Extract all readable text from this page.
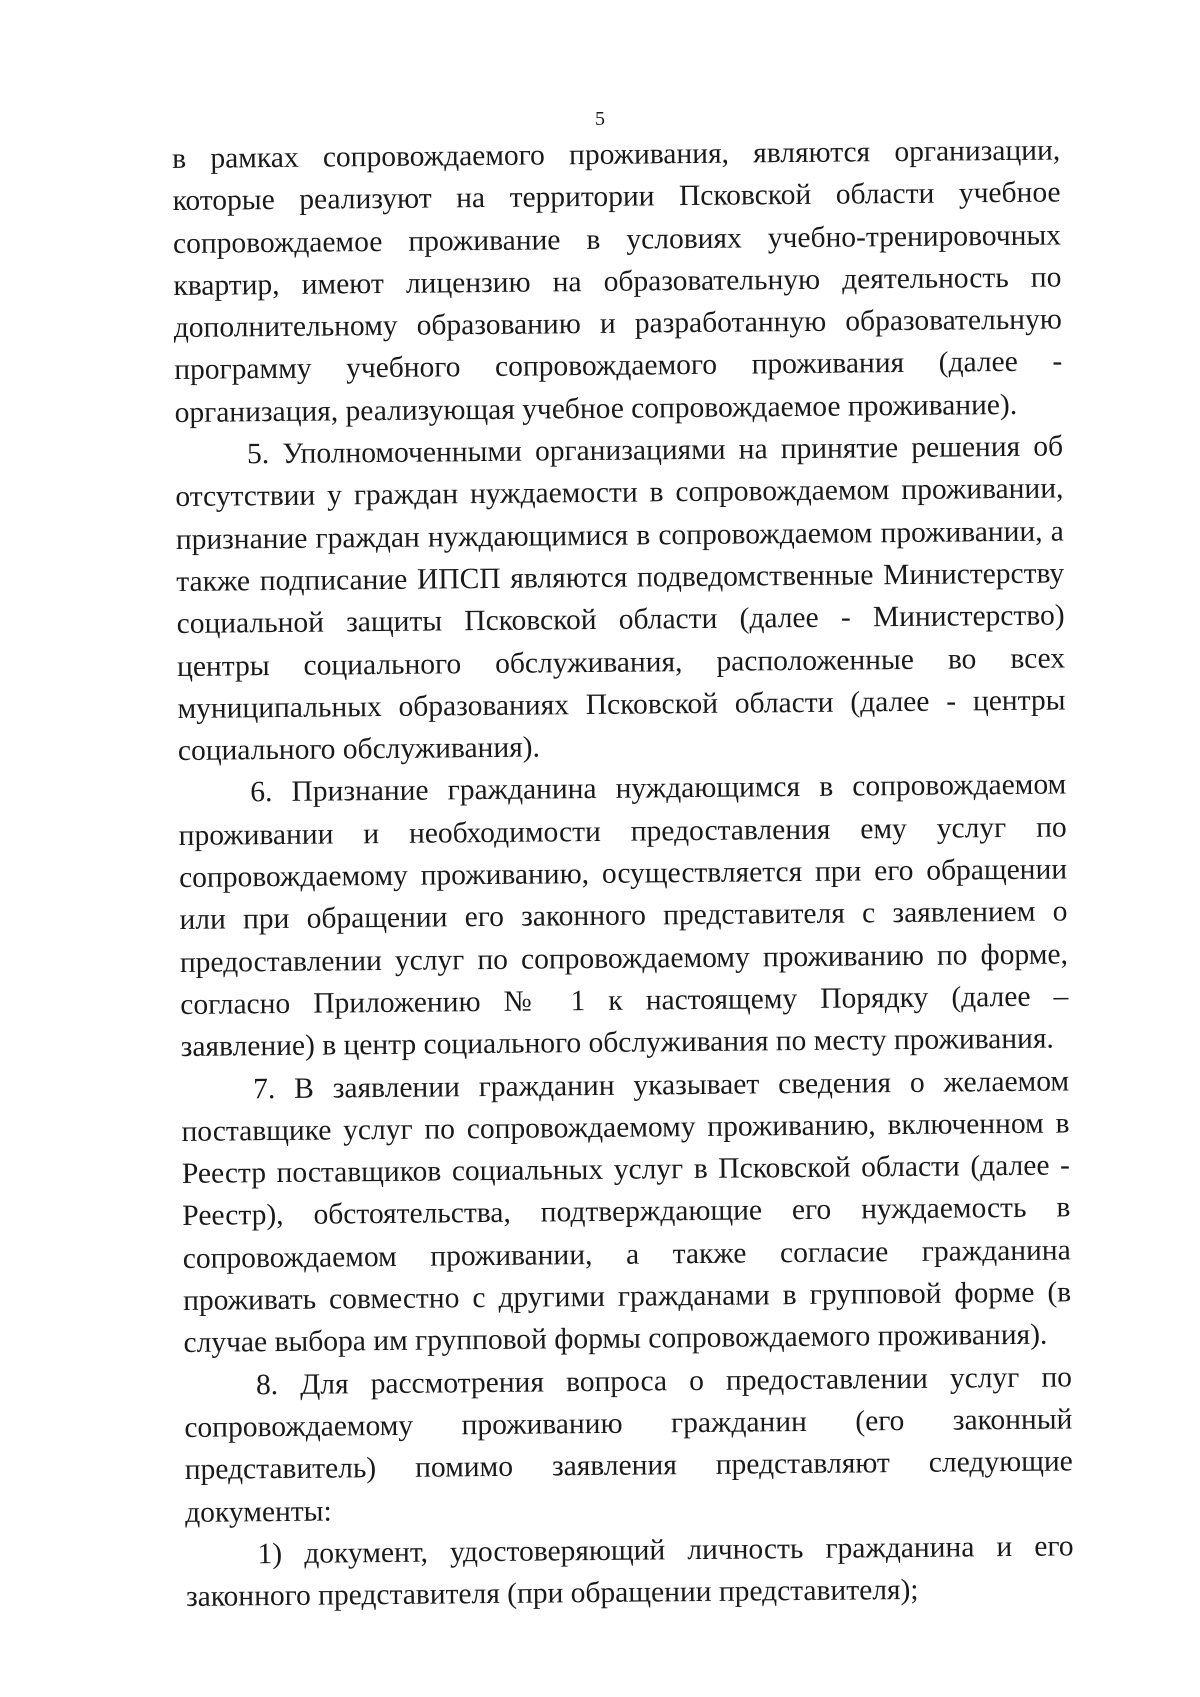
5

в рамках сопровождаемого проживания, являются организации, которые реализуют на территории Псковской области учебное сопровождаемое проживание в условиях учебно-тренировочных квартир, имеют лицензию на образовательную деятельность по дополнительному образованию и разработанную образовательную программу учебного сопровождаемого проживания (далее - организация, реализующая учебное сопровождаемое проживание).

5. Уполномоченными организациями на принятие решения об отсутствии у граждан нуждаемости в сопровождаемом проживании, признание граждан нуждающимися в сопровождаемом проживании, а также подписание ИПСП являются подведомственные Министерству социальной защиты Псковской области (далее - Министерство) центры социального обслуживания, расположенные во всех муниципальных образованиях Псковской области (далее - центры социального обслуживания).

6. Признание гражданина нуждающимся в сопровождаемом проживании и необходимости предоставления ему услуг по сопровождаемому проживанию, осуществляется при его обращении или при обращении его законного представителя с заявлением о предоставлении услуг по сопровождаемому проживанию по форме, согласно Приложению № 1 к настоящему Порядку (далее – заявление) в центр социального обслуживания по месту проживания.

7. В заявлении гражданин указывает сведения о желаемом поставщике услуг по сопровождаемому проживанию, включенном в Реестр поставщиков социальных услуг в Псковской области (далее - Реестр), обстоятельства, подтверждающие его нуждаемость в сопровождаемом проживании, а также согласие гражданина проживать совместно с другими гражданами в групповой форме (в случае выбора им групповой формы сопровождаемого проживания).

8. Для рассмотрения вопроса о предоставлении услуг по сопровождаемому проживанию гражданин (его законный представитель) помимо заявления представляют следующие документы:

1) документ, удостоверяющий личность гражданина и его законного представителя (при обращении представителя);
